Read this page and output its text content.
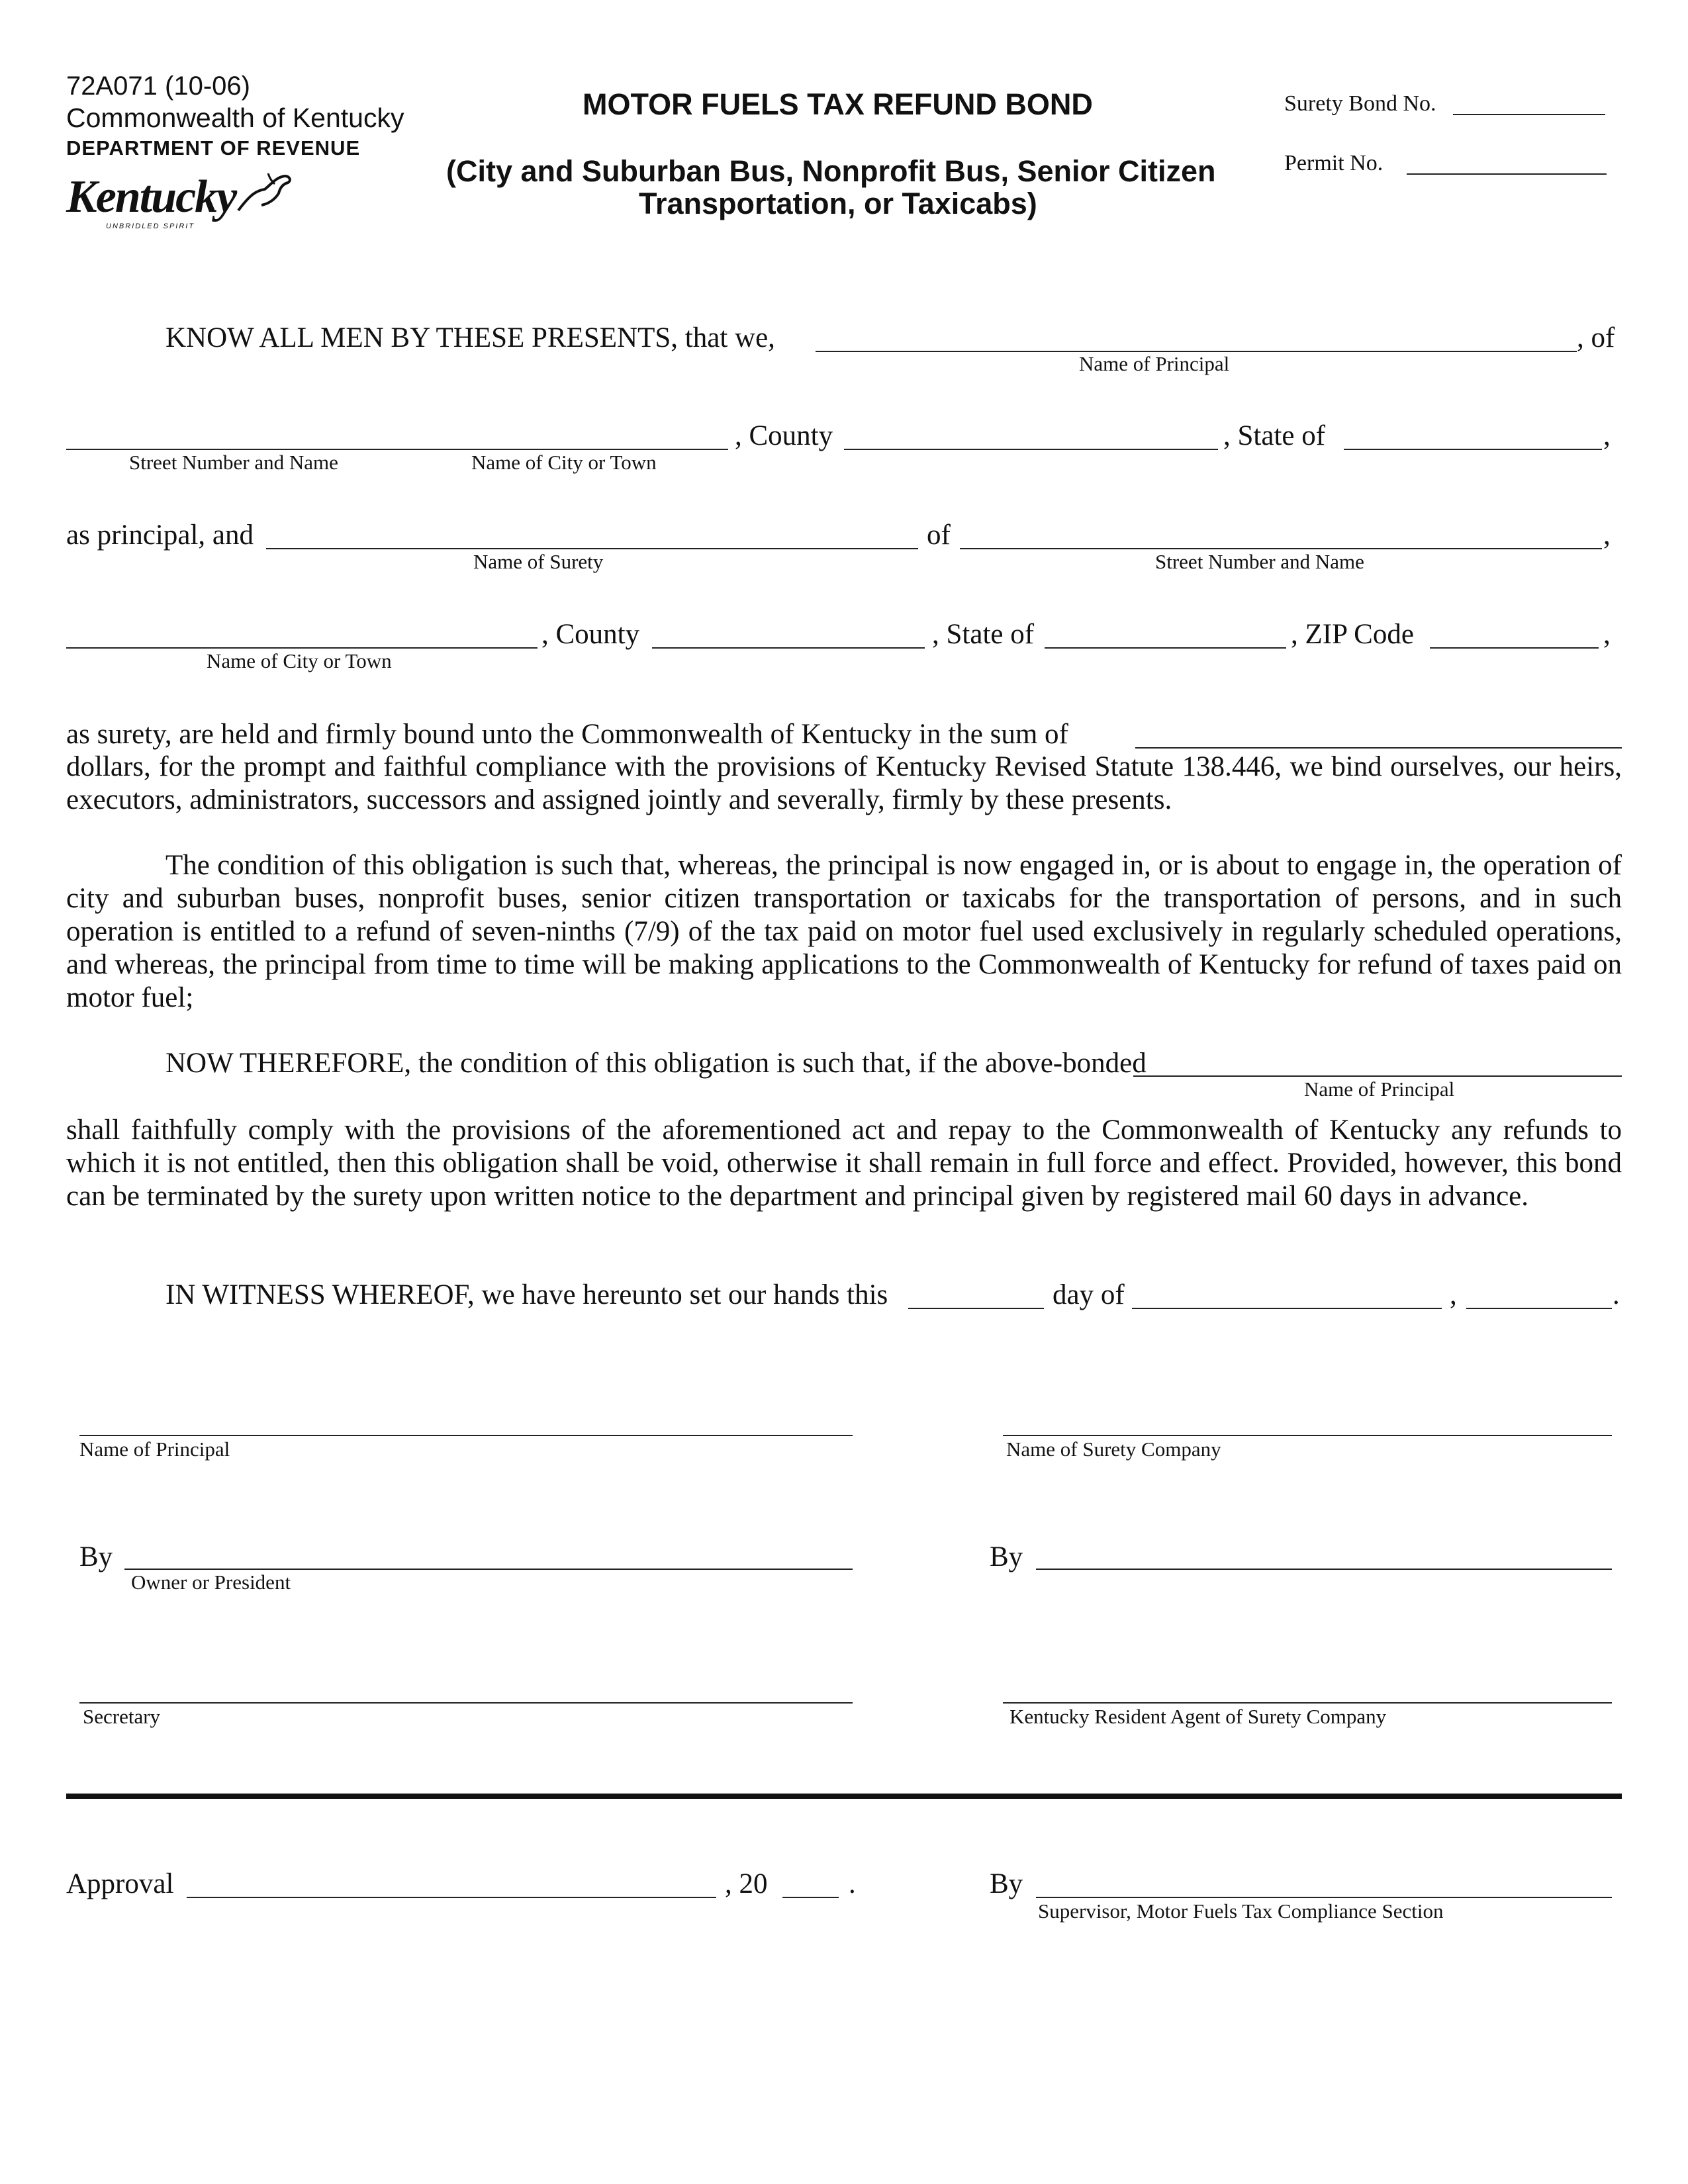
72A071 (10-06)
Commonwealth of Kentucky
DEPARTMENT OF REVENUE
Kentucky
UNBRIDLED SPIRIT
MOTOR FUELS TAX REFUND BOND
(City and Suburban Bus, Nonprofit Bus, Senior Citizen
Transportation, or Taxicabs)
Surety Bond No.
Permit No.
KNOW ALL MEN BY THESE PRESENTS, that we,	, of
Name of Principal
, County	, State of	,
Street Number and Name	Name of City or Town
as principal, and	of	,
Name of Surety	Street Number and Name
, County	, State of	, ZIP Code	,
Name of City or Town
as surety, are held and firmly bound unto the Commonwealth of Kentucky in the sum of

dollars, for the prompt and faithful compliance with the provisions of Kentucky Revised Statute 138.446, we bind ourselves, our heirs, executors, administrators, successors and assigned jointly and severally, firmly by these presents.

The condition of this obligation is such that, whereas, the principal is now engaged in, or is about to engage in, the operation of city and suburban buses, nonprofit buses, senior citizen transportation or taxicabs for the transportation of persons, and in such operation is entitled to a refund of seven-ninths (7/9) of the tax paid on motor fuel used exclusively in regularly scheduled operations, and whereas, the principal from time to time will be making applications to the Commonwealth of Kentucky for refund of taxes paid on motor fuel;

NOW THEREFORE, the condition of this obligation is such that, if the above-bonded
Name of Principal

shall faithfully comply with the provisions of the aforementioned act and repay to the Commonwealth of Kentucky any refunds to which it is not entitled, then this obligation shall be void, otherwise it shall remain in full force and effect. Provided, however, this bond can be terminated by the surety upon written notice to the department and principal given by registered mail 60 days in advance.

IN WITNESS WHEREOF, we have hereunto set our hands this	day of	,	.
Name of Principal	Name of Surety Company
By
Owner or President
By
Secretary	Kentucky Resident Agent of Surety Company
Approval	, 20	.	By
Supervisor, Motor Fuels Tax Compliance Section
